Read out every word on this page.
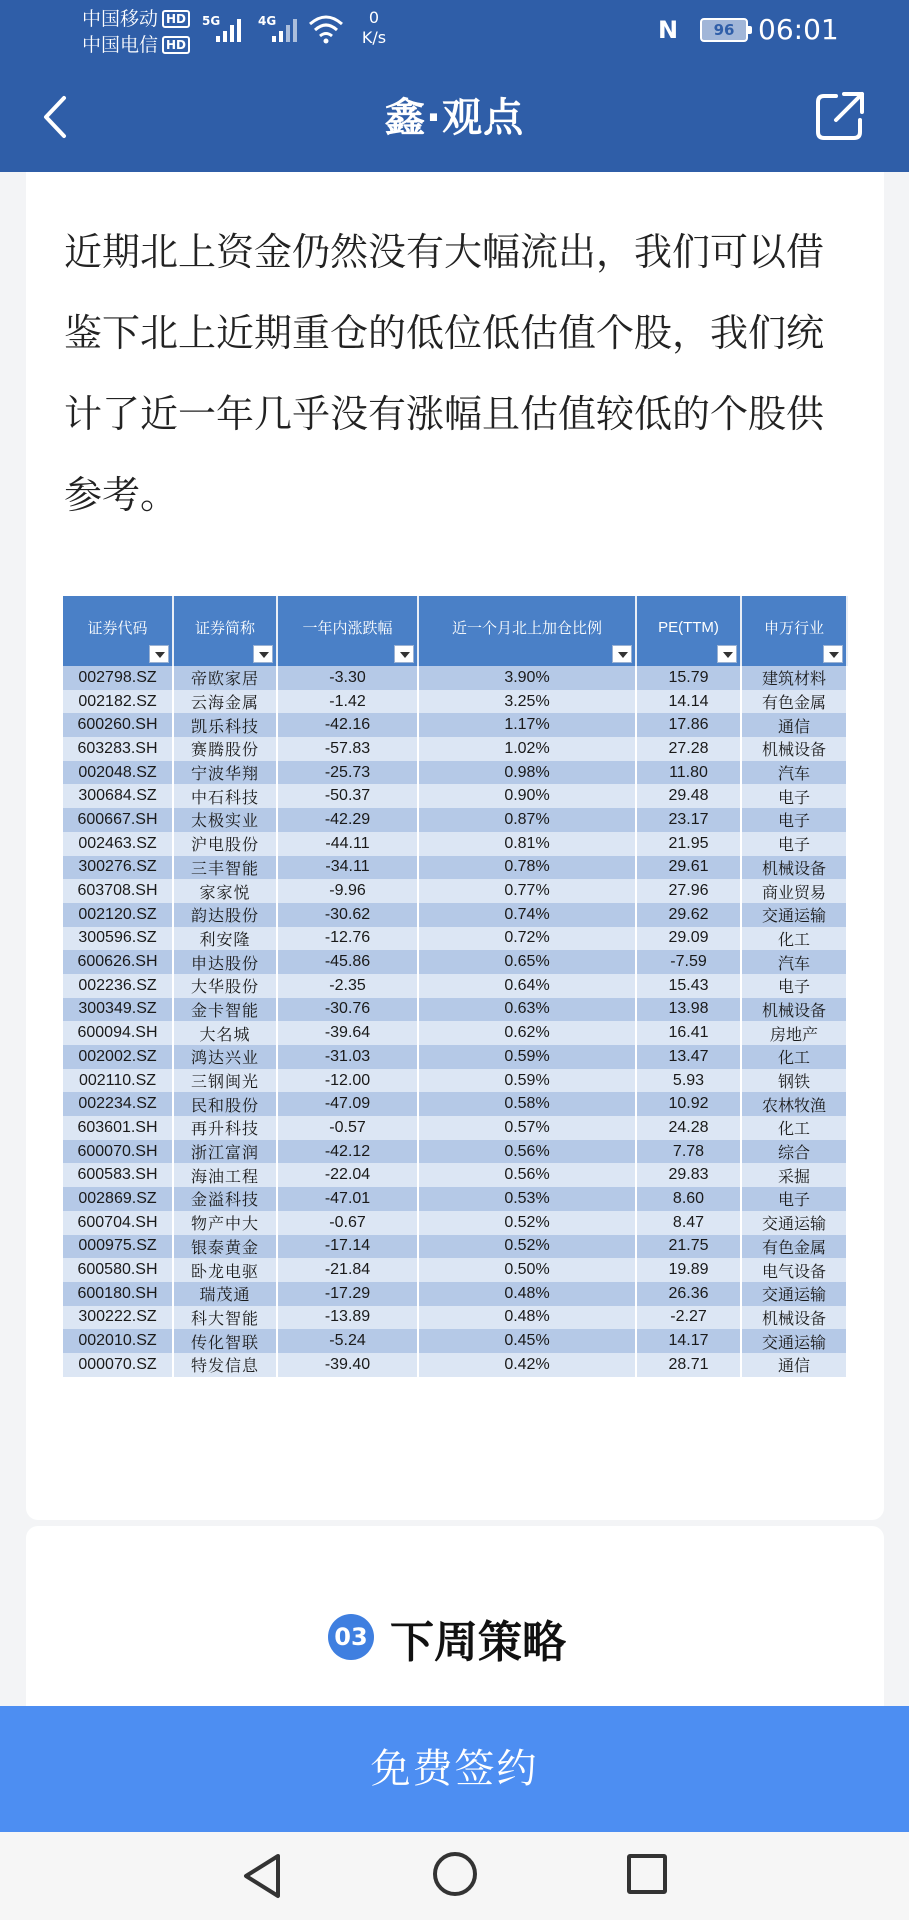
中国移动 HD
中国电信 HD
5G	4G	0
K/s	N	96 06:01
鑫·观点

近期北上资金仍然没有大幅流出，我们可以借鉴下北上近期重仓的低位低估值个股，我们统计了近一年几乎没有涨幅且估值较低的个股供参考。

证券代码	证券简称	一年内涨跌幅	近一个月北上加仓比例	PE(TTM)	申万行业

002798.SZ	帝欧家居	-3.30	3.90%	15.79	建筑材料
002182.SZ	云海金属	-1.42	3.25%	14.14	有色金属
600260.SH	凯乐科技	-42.16	1.17%	17.86	通信
603283.SH	赛腾股份	-57.83	1.02%	27.28	机械设备
002048.SZ	宁波华翔	-25.73	0.98%	11.80	汽车
300684.SZ	中石科技	-50.37	0.90%	29.48	电子
600667.SH	太极实业	-42.29	0.87%	23.17	电子
002463.SZ	沪电股份	-44.11	0.81%	21.95	电子
300276.SZ	三丰智能	-34.11	0.78%	29.61	机械设备
603708.SH	家家悦	-9.96	0.77%	27.96	商业贸易
002120.SZ	韵达股份	-30.62	0.74%	29.62	交通运输
300596.SZ	利安隆	-12.76	0.72%	29.09	化工
600626.SH	申达股份	-45.86	0.65%	-7.59	汽车
002236.SZ	大华股份	-2.35	0.64%	15.43	电子
300349.SZ	金卡智能	-30.76	0.63%	13.98	机械设备
600094.SH	大名城	-39.64	0.62%	16.41	房地产
002002.SZ	鸿达兴业	-31.03	0.59%	13.47	化工
002110.SZ	三钢闽光	-12.00	0.59%	5.93	钢铁
002234.SZ	民和股份	-47.09	0.58%	10.92	农林牧渔
603601.SH	再升科技	-0.57	0.57%	24.28	化工
600070.SH	浙江富润	-42.12	0.56%	7.78	综合
600583.SH	海油工程	-22.04	0.56%	29.83	采掘
002869.SZ	金溢科技	-47.01	0.53%	8.60	电子
600704.SH	物产中大	-0.67	0.52%	8.47	交通运输
000975.SZ	银泰黄金	-17.14	0.52%	21.75	有色金属
600580.SH	卧龙电驱	-21.84	0.50%	19.89	电气设备
600180.SH	瑞茂通	-17.29	0.48%	26.36	交通运输
300222.SZ	科大智能	-13.89	0.48%	-2.27	机械设备
002010.SZ	传化智联	-5.24	0.45%	14.17	交通运输
000070.SZ	特发信息	-39.40	0.42%	28.71	通信
03 下周策略
免费签约
